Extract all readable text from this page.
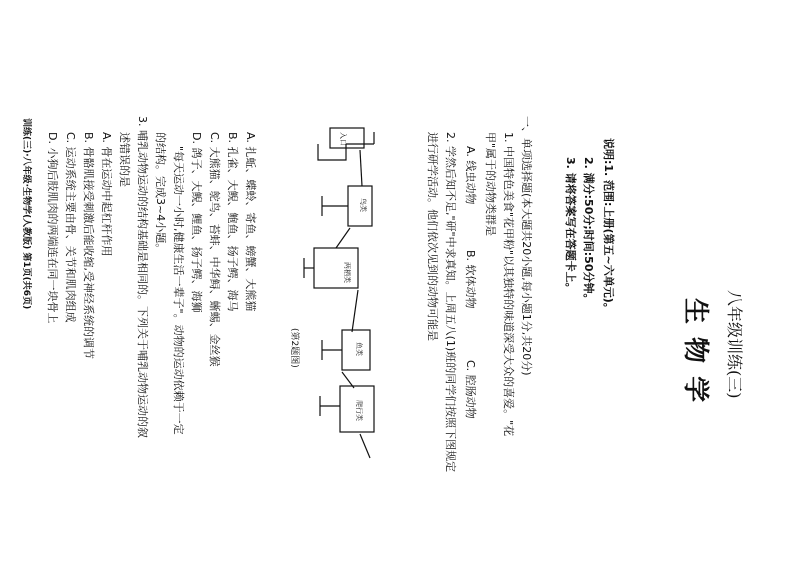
八年级训练(三)
生 物 学
说明:1. 范围:上册(第五~六单元)。
2. 满分:50分;时间:50分钟。
3. 请将答案写在答题卡上。
一、单项选择题(本大题共20小题,每小题1分,共20分)
1. 中国特色美食"花甲粉"以其独特的味道深受大众的喜爱。"花
甲"属于的动物类群是
A. 线虫动物
B. 软体动物
C. 腔肠动物
2. 学然后知不足,"研"中求真知。上周五八(1)班的同学们按照下图规定
进行研学活动。他们依次见到的动物可能是
入口
鸟类
两栖类
鱼类
爬行类
(第2题图)
A. 扎蚯、蝶蛉、寄鱼、螃蟹、大熊猫
B. 孔雀、大鲵、鲍鱼、扬子鳄、海马
C. 大熊猫、鸵鸟、苔蚌、中华鲟、蜥蜴、金丝猴
D. 鸽子、大鲵、鲤鱼、扬子鳄、海狮
"每天运动一小时,健康生活一辈子"。动物的运动依赖于一定
的结构。完成3~4小题。
3. 哺乳动物运动的结构基础是相同的。下列关于哺乳动物运动的叙
述错误的是
A. 骨在运动中起杠杆作用
B. 骨骼肌接受刺激后能收缩,受神经系统的调节
C. 运动系统主要由骨、关节和肌肉组成
D. 小狗后肢肌肉的两端连在同一块骨上
训练(三)·八年级·生物学(人教版) 第1页(共6页)
